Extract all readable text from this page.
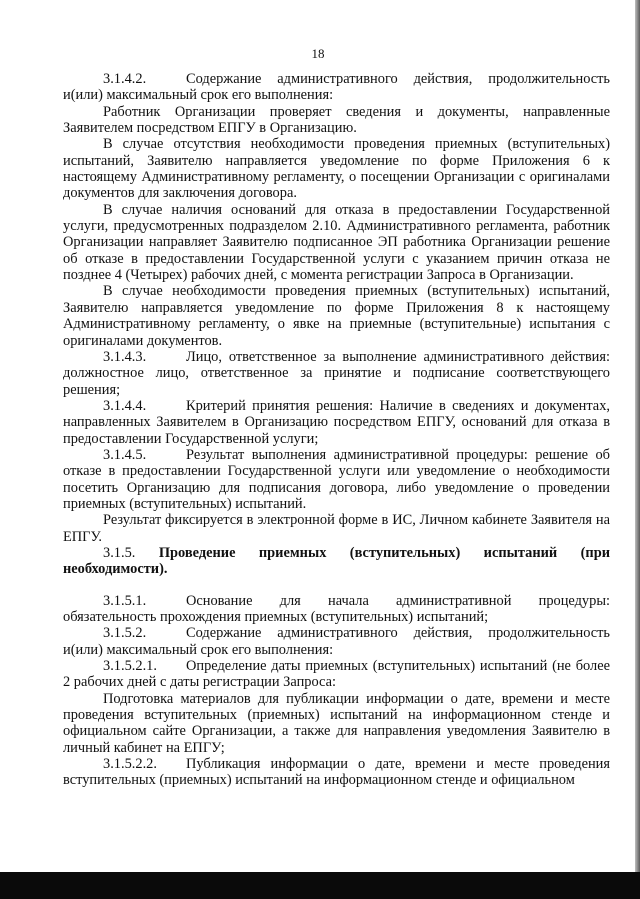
18

3.1.4.2.	Содержание административного действия, продолжительность и(или) максимальный срок его выполнения:

Работник Организации проверяет сведения и документы, направленные Заявителем посредством ЕПГУ в Организацию.

В случае отсутствия необходимости проведения приемных (вступительных) испытаний, Заявителю направляется уведомление по форме Приложения 6 к настоящему Административному регламенту, о посещении Организации с оригиналами документов для заключения договора.

В случае наличия оснований для отказа в предоставлении Государственной услуги, предусмотренных подразделом 2.10. Административного регламента, работник Организации направляет Заявителю подписанное ЭП работника Организации решение об отказе в предоставлении Государственной услуги с указанием причин отказа не позднее 4 (Четырех) рабочих дней, с момента регистрации Запроса в Организации.

В случае необходимости проведения приемных (вступительных) испытаний, Заявителю направляется уведомление по форме Приложения 8 к настоящему Административному регламенту, о явке на приемные (вступительные) испытания с оригиналами документов.

3.1.4.3.	Лицо, ответственное за выполнение административного действия: должностное лицо, ответственное за принятие и подписание соответствующего решения;

3.1.4.4.	Критерий принятия решения: Наличие в сведениях и документах, направленных Заявителем в Организацию посредством ЕПГУ, оснований для отказа в предоставлении Государственной услуги;

3.1.4.5.	Результат выполнения административной процедуры: решение об отказе в предоставлении Государственной услуги или уведомление о необходимости посетить Организацию для подписания договора, либо уведомление о проведении приемных (вступительных) испытаний.

Результат фиксируется в электронной форме в ИС, Личном кабинете Заявителя на ЕПГУ.

3.1.5. Проведение приемных (вступительных) испытаний (при

необходимости).

3.1.5.1.	Основание для начала административной процедуры: обязательность прохождения приемных (вступительных) испытаний;

3.1.5.2.	Содержание административного действия, продолжительность и(или) максимальный срок его выполнения:

3.1.5.2.1. Определение даты приемных (вступительных) испытаний (не более 2 рабочих дней с даты регистрации Запроса:

Подготовка материалов для публикации информации о дате, времени и месте проведения вступительных (приемных) испытаний на информационном стенде и официальном сайте Организации, а также для направления уведомления Заявителю в личный кабинет на ЕПГУ;

3.1.5.2.2. Публикация информации о дате, времени и месте проведения вступительных (приемных) испытаний на информационном стенде и официальном
